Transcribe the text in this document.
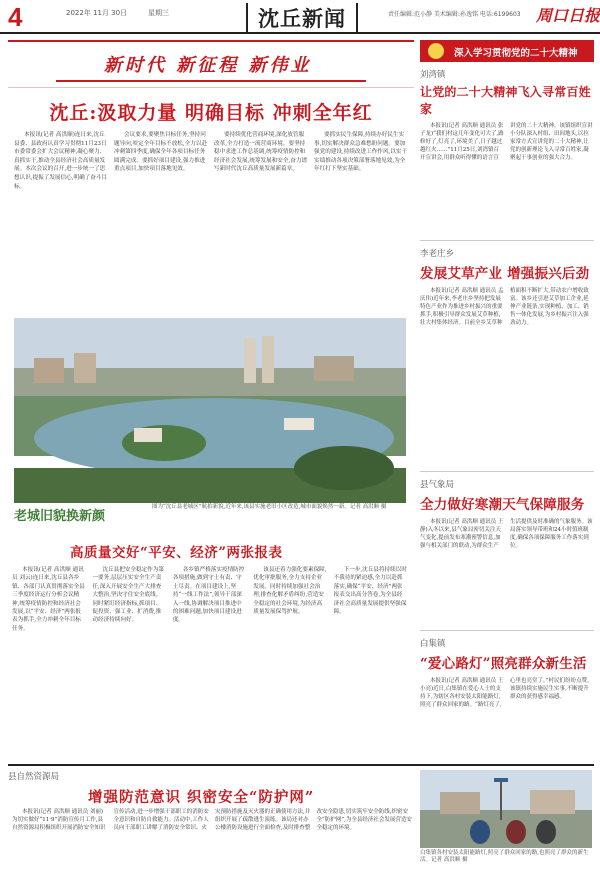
4	2022年 11月 30日	星期三	沈丘新闻	责任编辑:范小静 美术编辑:孙逸铭 电话:6199603 周口日报
新时代 新征程 新伟业
沈丘:汲取力量 明确目标 冲刺全年红

本报讯(记者 高洪顺)连日来,沈丘县委、县政府认真学习贯彻11月23日市委常委会扩大会议精神,凝心聚力、真抓实干,推动全县经济社会高质量发展。本次会议的召开,进一步统一了思想认识,提振了发展信心,明确了奋斗目标。

会议要求,要聚焦目标任务,坚持问题导向,咬定全年目标不放松,全力以赴冲刺第四季度,确保全年各项目标任务圆满完成。要抓好项目建设,强力推进重点项目,加快项目落地见效。

要持续优化营商环境,深化放管服改革,全力打造一流营商环境。要坚持稳中求进工作总基调,统筹疫情防控和经济社会发展,统筹发展和安全,奋力谱写新时代沈丘高质量发展新篇章。

要抓实民生保障,持续办好民生实事,切实解决群众急难愁盼问题。要加强党的建设,持续改进工作作风,以实干实绩推动各项决策部署落地见效,为全年红打下坚实基础。

老城旧貌换新颜
图为“沈丘县老城区”航拍新貌,近年来,该县实施老旧小区改造,城市面貌焕然一新。记者 高洪顺 摄
高质量交好“平安、经济”两张报表

本报讯(记者 高洪顺 通讯员 刘云)连日来,沈丘县各乡镇、各部门认真贯彻落实全县三季度经济运行分析会议精神,统筹疫情防控和经济社会发展,以“平安、经济”两张报表为抓手,全力冲刺全年目标任务。

沈丘县把安全稳定作为第一要务,层层压实安全生产责任,深入开展安全生产大排查大整治,坚决守住安全底线。同时紧盯经济指标,抓项目、促投资、强工业、扩消费,推动经济持续向好。

各乡镇严格落实疫情防控各项措施,做到守土有责、守土尽责。在项目建设上,坚持“一线工作法”,领导干部深入一线,协调解决项目推进中的困难问题,加快项目建设进度。

该县还着力强化要素保障,优化审批服务,全力支持企业发展。同时持续加强社会治理,排查化解矛盾纠纷,营造安全稳定的社会环境,为经济高质量发展保驾护航。

下一步,沈丘县将持续以时不我待的紧迫感,全力以赴抓落实,确保“平安、经济”两张报表交出高分答卷,为全县经济社会高质量发展提供坚强保障。

深入学习贯彻党的二十大精神
刘湾镇
让党的二十大精神飞入寻常百姓家
本报讯(记者 高洪顺 通讯员 张子龙)“我们村这几年变化可大了,路修好了,灯亮了,环境美了,日子越过越红火……”11月25日,刘湾镇召开宣讲会,用群众听得懂的语言宣讲党的二十大精神。该镇组织宣讲小分队深入村组、田间地头,以拉家常方式宣讲党的二十大精神,让党的创新理论飞入寻常百姓家,凝聚起干事创业的强大合力。
李老庄乡
发展艾草产业 增强振兴后劲
本报讯(记者 高洪顺 通讯员 孟庆伟)近年来,李老庄乡坚持把发展特色产业作为推进乡村振兴的重要抓手,积极引导群众发展艾草种植,壮大村集体经济。目前全乡艾草种植面积不断扩大,带动农户增收致富。该乡还引进艾草加工企业,延伸产业链条,实现种植、加工、销售一体化发展,为乡村振兴注入强劲动力。
县气象局
全力做好寒潮天气保障服务
本报讯(记者 高洪顺 通讯员 王静)入冬以来,县气象局密切关注天气变化,提前发布寒潮预警信息,加强与相关部门的联动,为群众生产生活提供及时准确的气象服务。该局落实领导带班和24小时值班制度,确保各项保障服务工作落实到位。
白集镇
“爱心路灯”照亮群众新生活
本报讯(记者 高洪顺 通讯员 王小亮)近日,白集镇在爱心人士的支持下,为辖区各村安装太阳能路灯,照亮了群众回家的路。“路灯亮了,心里也亮堂了。”村民们纷纷点赞。该镇持续实施民生实事,不断提升群众的获得感幸福感。
县自然资源局
增强防范意识 织密安全“防护网”
本报讯(记者 高洪顺 通讯员 刘丽)为切实做好“11·9”消防宣传月工作,县自然资源局积极组织开展消防安全知识宣传活动,进一步增强干部职工的消防安全意识和自防自救能力。活动中,工作人员向干部职工讲解了消防安全常识、火灾预防措施及灭火器的正确使用方法,并组织开展了疏散逃生演练。该局还对办公楼消防设施进行全面检查,及时排查整改安全隐患,切实筑牢安全防线,织密安全“防护网”,为全县经济社会发展营造安全稳定的环境。
白集镇各村安装太阳能路灯,照亮了群众回家的路,也照亮了群众的新生活。记者 高洪顺 摄
